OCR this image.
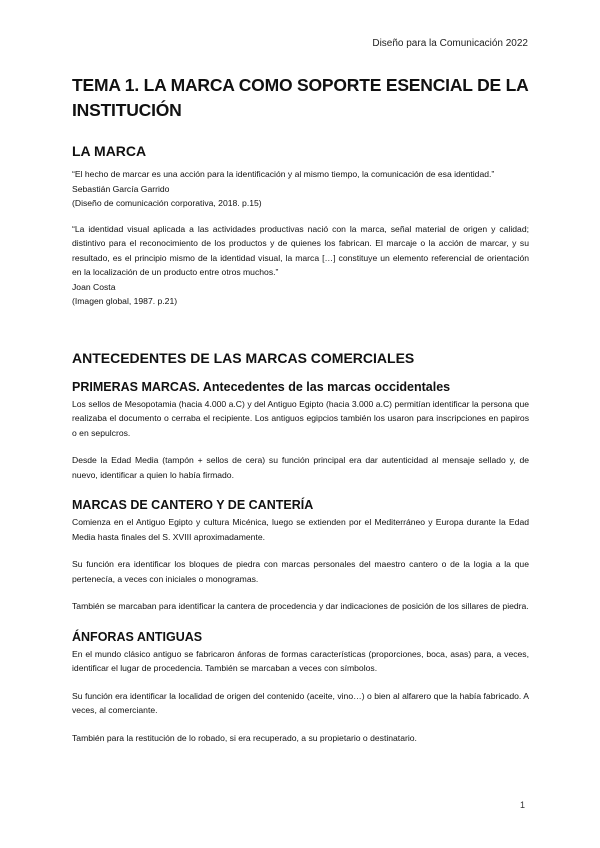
Diseño para la Comunicación 2022
TEMA 1. LA MARCA COMO SOPORTE ESENCIAL DE LA INSTITUCIÓN
LA MARCA

“El hecho de marcar es una acción para la identificación y al mismo tiempo, la comunicación de esa identidad.”

Sebastián García Garrido

(Diseño de comunicación corporativa, 2018. p.15)

“La identidad visual aplicada a las actividades productivas nació con la marca, señal material de origen y calidad; distintivo para el reconocimiento de los productos y de quienes los fabrican. El marcaje o la acción de marcar, y su resultado, es el principio mismo de la identidad visual, la marca […] constituye un elemento referencial de orientación en la localización de un producto entre otros muchos.”

Joan Costa

(Imagen global, 1987. p.21)

ANTECEDENTES DE LAS MARCAS COMERCIALES
PRIMERAS MARCAS. Antecedentes de las marcas occidentales

Los sellos de Mesopotamia (hacia 4.000 a.C) y del Antiguo Egipto (hacia 3.000 a.C) permitían identificar la persona que realizaba el documento o cerraba el recipiente. Los antiguos egipcios también los usaron para inscripciones en papiros o en sepulcros.

Desde la Edad Media (tampón + sellos de cera) su función principal era dar autenticidad al mensaje sellado y, de nuevo, identificar a quien lo había firmado.

MARCAS DE CANTERO Y DE CANTERÍA

Comienza en el Antiguo Egipto y cultura Micénica, luego se extienden por el Mediterráneo y Europa durante la Edad Media hasta finales del S. XVIII aproximadamente.

Su función era identificar los bloques de piedra con marcas personales del maestro cantero o de la logia a la que pertenecía, a veces con iniciales o monogramas.

También se marcaban para identificar la cantera de procedencia y dar indicaciones de posición de los sillares de piedra.

ÁNFORAS ANTIGUAS

En el mundo clásico antiguo se fabricaron ánforas de formas características (proporciones, boca, asas) para, a veces, identificar el lugar de procedencia. También se marcaban a veces con símbolos.

Su función era identificar la localidad de origen del contenido (aceite, vino…) o bien al alfarero que la había fabricado. A veces, al comerciante.

También para la restitución de lo robado, si era recuperado, a su propietario o destinatario.

1
